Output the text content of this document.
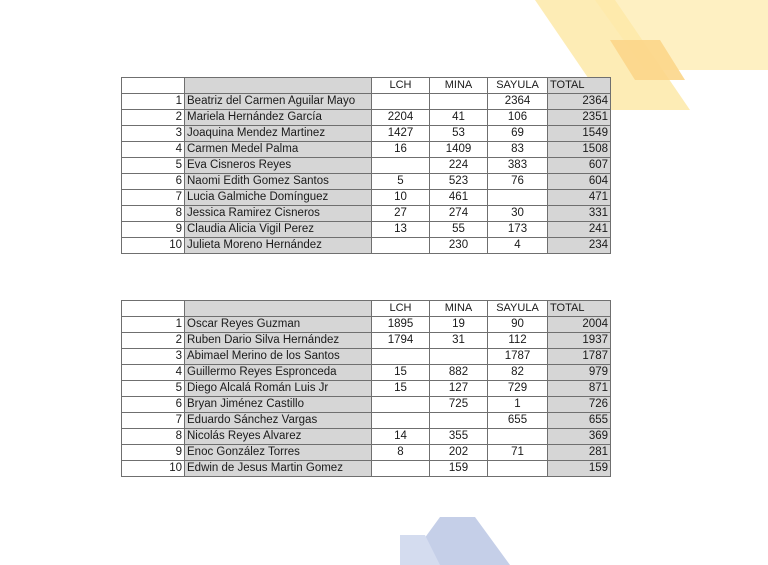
		LCH	MINA	SAYULA	TOTAL
1	Beatriz del Carmen Aguilar Mayo			2364	2364
2	Mariela Hernández García	2204	41	106	2351
3	Joaquina Mendez Martinez	1427	53	69	1549
4	Carmen Medel Palma	16	1409	83	1508
5	Eva Cisneros Reyes		224	383	607
6	Naomi Edith Gomez Santos	5	523	76	604
7	Lucia Galmiche Domínguez	10	461		471
8	Jessica Ramirez Cisneros	27	274	30	331
9	Claudia Alicia Vigil Perez	13	55	173	241
10	Julieta Moreno Hernández		230	4	234
		LCH	MINA	SAYULA	TOTAL
1	Oscar Reyes Guzman	1895	19	90	2004
2	Ruben Dario Silva Hernández	1794	31	112	1937
3	Abimael Merino de los Santos			1787	1787
4	Guillermo Reyes Espronceda	15	882	82	979
5	Diego Alcalá Román Luis Jr	15	127	729	871
6	Bryan Jiménez Castillo		725	1	726
7	Eduardo Sánchez Vargas			655	655
8	Nicolás Reyes Alvarez	14	355		369
9	Enoc González Torres	8	202	71	281
10	Edwin de Jesus Martin Gomez		159		159
